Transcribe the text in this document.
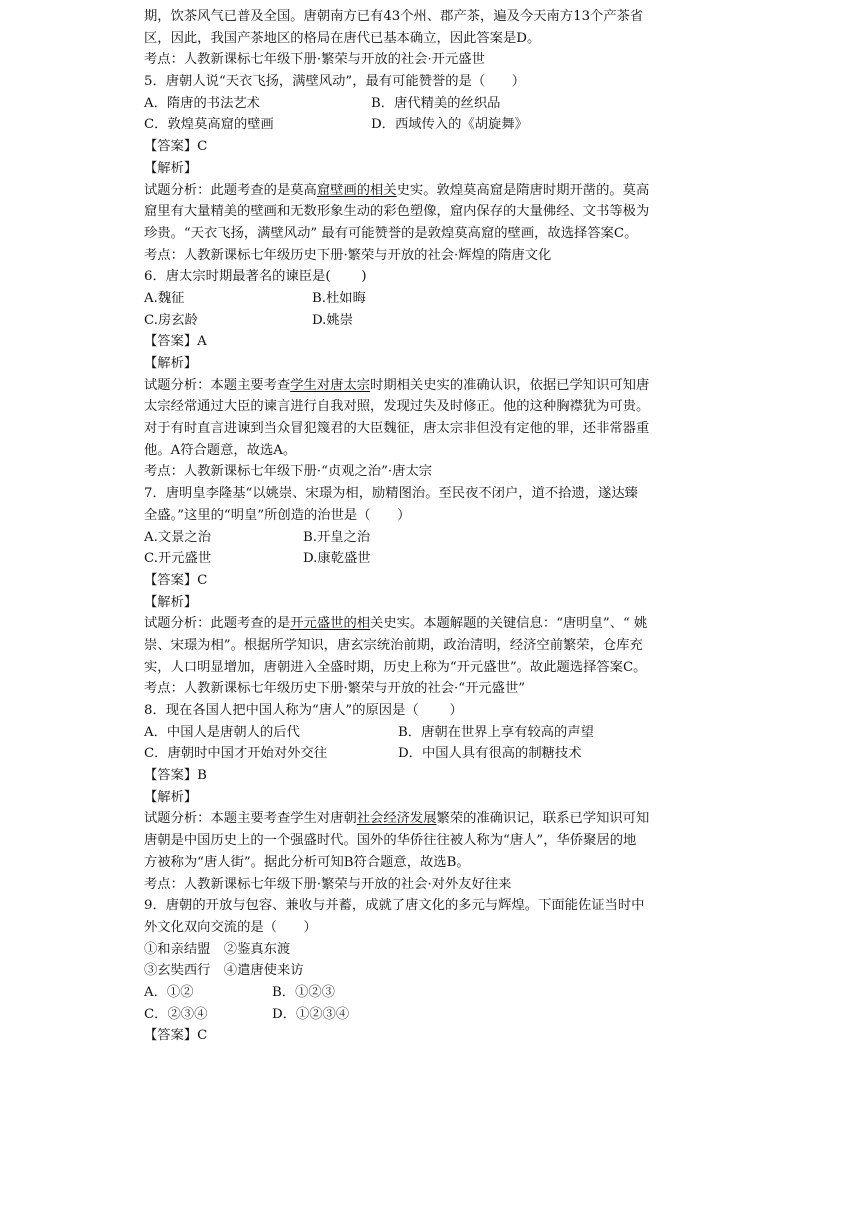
期，饮茶风气已普及全国。唐朝南方已有43个州、郡产茶，遍及今天南方13个产茶省
区，因此，我国产茶地区的格局在唐代已基本确立，因此答案是D。
考点：人教新课标七年级下册·繁荣与开放的社会·开元盛世
5．唐朝人说“天衣飞扬，满壁风动”，最有可能赞誉的是（　　）
A．隋唐的书法艺术	B．唐代精美的丝织品
C．敦煌莫高窟的壁画	D．西域传入的《胡旋舞》
【答案】C
【解析】
试题分析：此题考查的是莫高窟壁画的相关史实。敦煌莫高窟是隋唐时期开凿的。莫高
窟里有大量精美的壁画和无数形象生动的彩色塑像，窟内保存的大量佛经、文书等极为
珍贵。“天衣飞扬，满壁风动” 最有可能赞誉的是敦煌莫高窟的壁画，故选择答案C。
考点：人教新课标七年级历史下册·繁荣与开放的社会·辉煌的隋唐文化
6．唐太宗时期最著名的谏臣是(　　 )
A.魏征	B.杜如晦
C.房玄龄	D.姚崇
【答案】A
【解析】
试题分析：本题主要考查学生对唐太宗时期相关史实的准确认识，依据已学知识可知唐
太宗经常通过大臣的谏言进行自我对照，发现过失及时修正。他的这种胸襟犹为可贵。
对于有时直言进谏到当众冒犯篾君的大臣魏征，唐太宗非但没有定他的罪，还非常器重
他。A符合题意，故选A。
考点：人教新课标七年级下册·“贞观之治”·唐太宗
7．唐明皇李隆基“以姚崇、宋璟为相，励精图治。至民夜不闭户，道不拾遗，遂达臻
全盛。”这里的“明皇”所创造的治世是（　　）
A.文景之治	B.开皇之治
C.开元盛世	D.康乾盛世
【答案】C
【解析】
试题分析：此题考查的是开元盛世的相关史实。本题解题的关键信息：“唐明皇”、“ 姚
崇、宋璟为相”。根据所学知识，唐玄宗统治前期，政治清明，经济空前繁荣，仓库充
实，人口明显增加，唐朝进入全盛时期，历史上称为“开元盛世”。故此题选择答案C。
考点：人教新课标七年级历史下册·繁荣与开放的社会·“开元盛世”
8．现在各国人把中国人称为“唐人”的原因是（　　 ）
A．中国人是唐朝人的后代	B．唐朝在世界上享有较高的声望
C．唐朝时中国才开始对外交往	D．中国人具有很高的制糖技术
【答案】B
【解析】
试题分析：本题主要考查学生对唐朝社会经济发展繁荣的准确识记，联系已学知识可知
唐朝是中国历史上的一个强盛时代。国外的华侨往往被人称为“唐人”，华侨聚居的地
方被称为“唐人街”。据此分析可知B符合题意，故选B。
考点：人教新课标七年级下册·繁荣与开放的社会·对外友好往来
9．唐朝的开放与包容、兼收与并蓄，成就了唐文化的多元与辉煌。下面能佐证当时中
外文化双向交流的是（　　）
①和亲结盟　②鉴真东渡
③玄奘西行　④遣唐使来访
A．①②	B．①②③
C．②③④	D．①②③④
【答案】C
